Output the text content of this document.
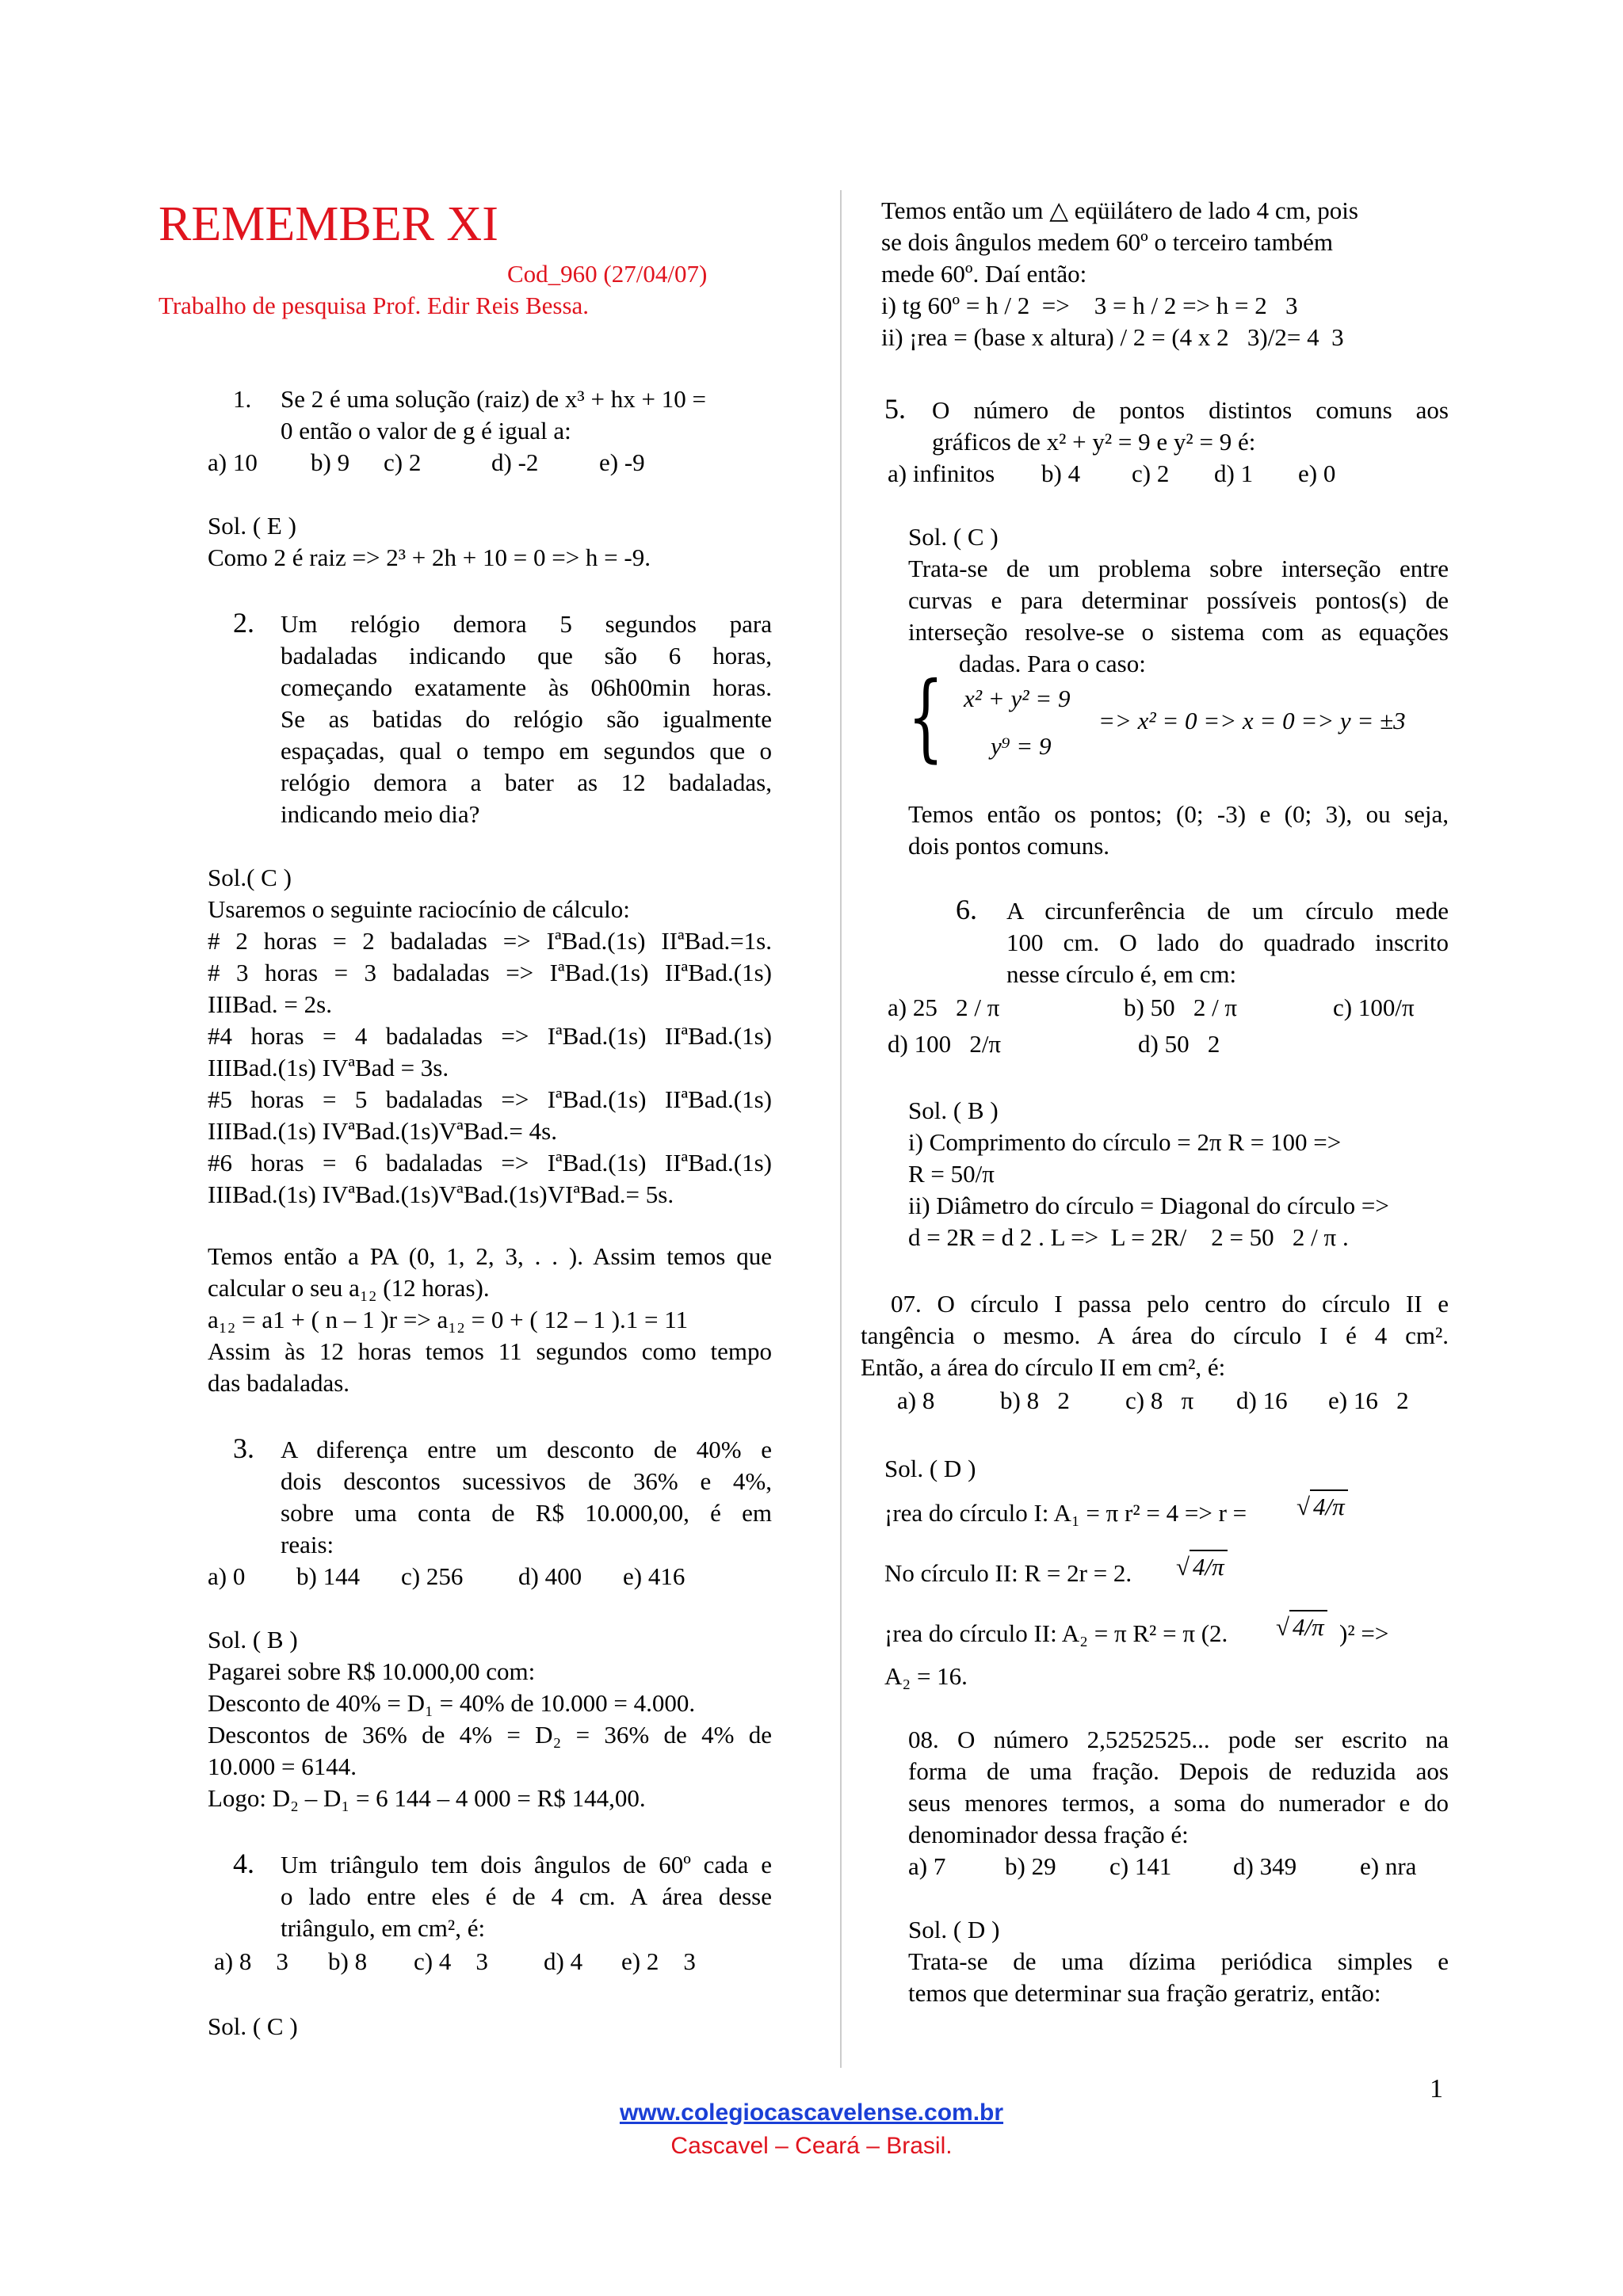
REMEMBER XI
Cod_960 (27/04/07)
Trabalho de pesquisa Prof. Edir Reis Bessa.
1. Se 2 é uma solução (raiz) de x³ + hx + 10 =
0 então o valor de g é igual a:
a) 10 b) 9 c) 2	d) -2 e) -9
Sol. ( E )
Como 2 é raiz => 2³ + 2h + 10 = 0 => h = -9.
2. Um relógio demora 5 segundos para
badaladas indicando que são 6 horas,
começando exatamente às 06h00min horas.
Se as batidas do relógio são igualmente
espaçadas, qual o tempo em segundos que o
relógio demora a bater as 12 badaladas,
indicando meio dia?
Sol.( C )
Usaremos o seguinte raciocínio de cálculo:
# 2 horas = 2 badaladas => IªBad.(1s) IIªBad.=1s.
# 3 horas = 3 badaladas => IªBad.(1s) IIªBad.(1s)
IIIBad. = 2s.
#4 horas = 4 badaladas => IªBad.(1s) IIªBad.(1s)
IIIBad.(1s) IVªBad = 3s.
#5 horas = 5 badaladas => IªBad.(1s) IIªBad.(1s)
IIIBad.(1s) IVªBad.(1s)VªBad.= 4s.
#6 horas = 6 badaladas => IªBad.(1s) IIªBad.(1s)
IIIBad.(1s) IVªBad.(1s)VªBad.(1s)VIªBad.= 5s.
Temos então a PA (0, 1, 2, 3, . . ). Assim temos que
calcular o seu a₁₂ (12 horas).
a₁₂ = a1 + ( n – 1 )r => a₁₂ = 0 + ( 12 – 1 ).1 = 11
Assim às 12 horas temos 11 segundos como tempo
das badaladas.
3. A diferença entre um desconto de 40% e
dois descontos sucessivos de 36% e 4%,
sobre uma conta de R$ 10.000,00, é em
reais:
a) 0 b) 144 c) 256 d) 400 e) 416
Sol. ( B )
Pagarei sobre R$ 10.000,00 com:
Desconto de 40% = D₁ = 40% de 10.000 = 4.000.
Descontos de 36% de 4% = D₂ = 36% de 4% de
10.000 = 6144.
Logo: D₂ – D₁ = 6 144 – 4 000 = R$ 144,00.
4. Um triângulo tem dois ângulos de 60º cada e
o lado entre eles é de 4 cm. A área desse
triângulo, em cm², é:
a) 8    3 b) 8 c) 4    3 d) 4 e) 2    3
Sol. ( C )
Temos então um △ eqüilátero de lado 4 cm, pois
se dois ângulos medem 60º o terceiro também
mede 60º. Daí então:
i) tg 60º = h / 2  =>    3 = h / 2 => h = 2   3
ii) ¡rea = (base x altura) / 2 = (4 x 2   3)/2= 4  3
5. O número de pontos distintos comuns aos
gráficos de x² + y² = 9 e y² = 9 é:
a) infinitos b) 4 c) 2 d) 1 e) 0
Sol. ( C )
Trata-se de um problema sobre interseção entre
curvas e para determinar possíveis pontos(s) de
interseção resolve-se o sistema com as equações
dadas. Para o caso:
{ x² + y² = 9
y⁹ = 9
=> x² = 0 => x = 0 => y = ±3
Temos então os pontos; (0; -3) e (0; 3), ou seja,
dois pontos comuns.
6. A circunferência de um círculo mede
100 cm. O lado do quadrado inscrito
nesse círculo é, em cm:
a) 25   2 / π	b) 50   2 / π	c) 100/π
d) 100   2/π	d) 50   2
Sol. ( B )
i) Comprimento do círculo = 2π R = 100 =>
R = 50/π
ii) Diâmetro do círculo = Diagonal do círculo =>
d = 2R = d 2 . L =>  L = 2R/    2 = 50   2 / π .
07. O círculo I passa pelo centro do círculo II e
tangência o mesmo. A área do círculo I é 4 cm².
Então, a área do círculo II em cm², é:
a) 8	b) 8   2 c) 8   π d) 16 e) 16   2
Sol. ( D )
¡rea do círculo I: A₁ = π r² = 4 => r = √ 4/π
No círculo II: R = 2r = 2. √ 4/π
¡rea do círculo II: A₂ = π R² = π (2. √ 4/π )² =>
A₂ = 16.
08. O número 2,5252525... pode ser escrito na
forma de uma fração. Depois de reduzida aos
seus menores termos, a soma do numerador e do
denominador dessa fração é:
a) 7 b) 29 c) 141	d) 349	e) nra
Sol. ( D )
Trata-se de uma dízima periódica simples e
temos que determinar sua fração geratriz, então:
1
www.colegiocascavelense.com.br
Cascavel – Ceará – Brasil.
